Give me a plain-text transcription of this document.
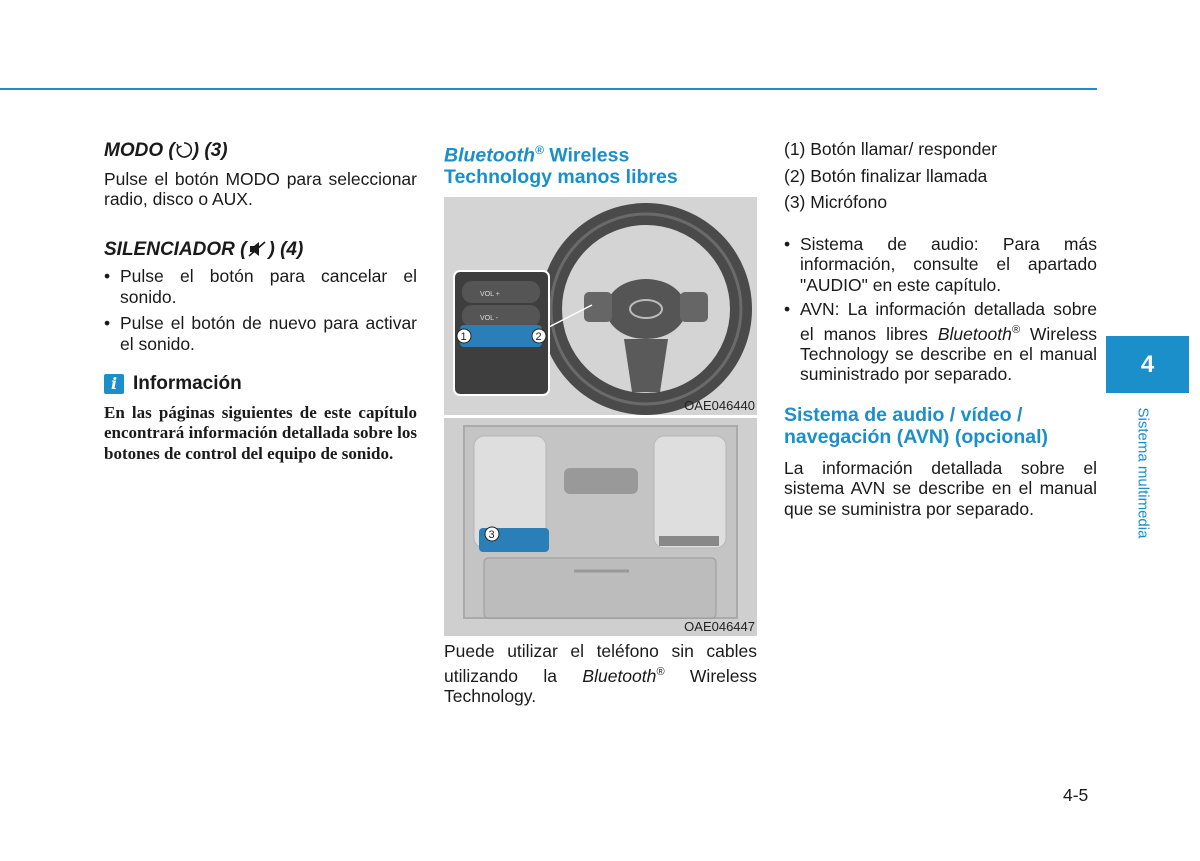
MODO ( ) (3)

Pulse el botón MODO para seleccionar radio, disco o AUX.

SILENCIADOR ( ) (4)

• Pulse el botón para cancelar el sonido.

• Pulse el botón de nuevo para activar el sonido.

i Información

En las páginas siguientes de este capítulo encontrará información detallada sobre los botones de control del equipo de sonido.

Bluetooth® Wireless
Technology manos libres

VOL +
VOL -
1	2
OAE046440
3
OAE046447

Puede utilizar el teléfono sin cables utilizando la Bluetooth® Wireless Technology.

(1) Botón llamar/ responder

(2) Botón finalizar llamada

(3) Micrófono

• Sistema de audio: Para más información, consulte el apartado "AUDIO" en este capítulo.

• AVN: La información detallada sobre el manos libres Bluetooth® Wireless Technology se describe en el manual suministrado por separado.

Sistema de audio / vídeo / navegación (AVN) (opcional)

La información detallada sobre el sistema AVN se describe en el manual que se suministra por separado.

4
Sistema multimedia
4-5
